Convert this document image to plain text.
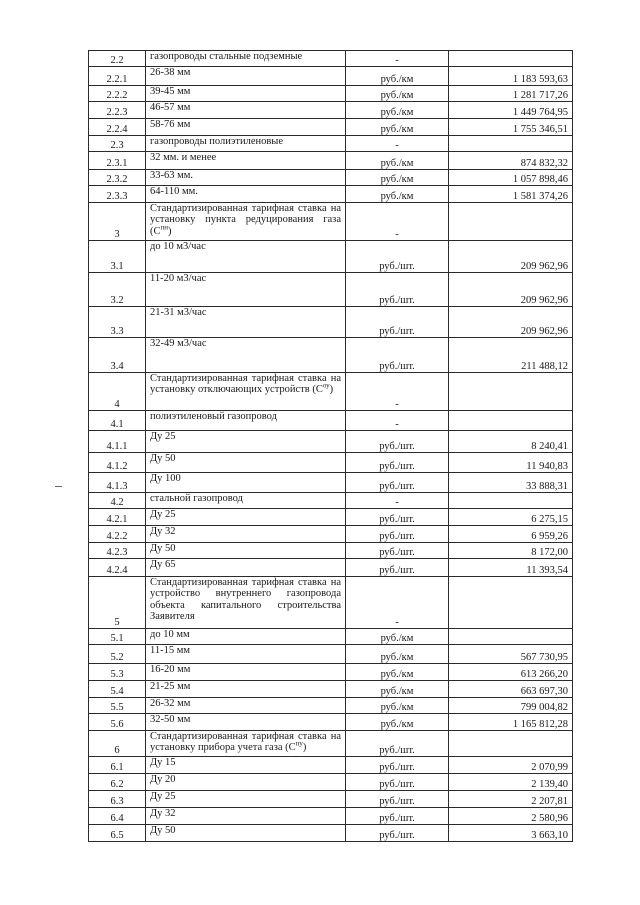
2.2	газопроводы стальные подземные	-	
2.2.1	26-38 мм	руб./км	1 183 593,63
2.2.2	39-45 мм	руб./км	1 281 717,26
2.2.3	46-57 мм	руб./км	1 449 764,95
2.2.4	58-76 мм	руб./км	1 755 346,51
2.3	газопроводы полиэтиленовые	-	
2.3.1	32 мм. и менее	руб./км	874 832,32
2.3.2	33-63 мм.	руб./км	1 057 898,46
2.3.3	64-110 мм.	руб./км	1 581 374,26
3	Стандартизированная тарифная ставка на установку пункта редуцирования газа $(С^{пн})$	-	
3.1	до 10 м3/час	руб./шт.	209 962,96
3.2	11-20 м3/час	руб./шт.	209 962,96
3.3	21-31 м3/час	руб./шт.	209 962,96
3.4	32-49 м3/час	руб./шт.	211 488,12
4	Стандартизированная тарифная ставка на установку отключающих устройств $(С^{оу})$	-	
4.1	полиэтиленовый газопровод	-	
4.1.1	Ду 25	руб./шт.	8 240,41
4.1.2	Ду 50	руб./шт.	11 940,83
4.1.3	Ду 100	руб./шт.	33 888,31
4.2	стальной газопровод	-	
4.2.1	Ду 25	руб./шт.	6 275,15
4.2.2	Ду 32	руб./шт.	6 959,26
4.2.3	Ду 50	руб./шт.	8 172,00
4.2.4	Ду 65	руб./шт.	11 393,54
5	Стандартизированная тарифная ставка на устройство внутреннего газопровода объекта капитального строительства Заявителя	-	
5.1	до 10 мм	руб./км	
5.2	11-15 мм	руб./км	567 730,95
5.3	16-20 мм	руб./км	613 266,20
5.4	21-25 мм	руб./км	663 697,30
5.5	26-32 мм	руб./км	799 004,82
5.6	32-50 мм	руб./км	1 165 812,28
6	Стандартизированная тарифная ставка на установку прибора учета газа $(С^{пу})$	руб./шт.	
6.1	Ду 15	руб./шт.	2 070,99
6.2	Ду 20	руб./шт.	2 139,40
6.3	Ду 25	руб./шт.	2 207,81
6.4	Ду 32	руб./шт.	2 580,96
6.5	Ду 50	руб./шт.	3 663,10
